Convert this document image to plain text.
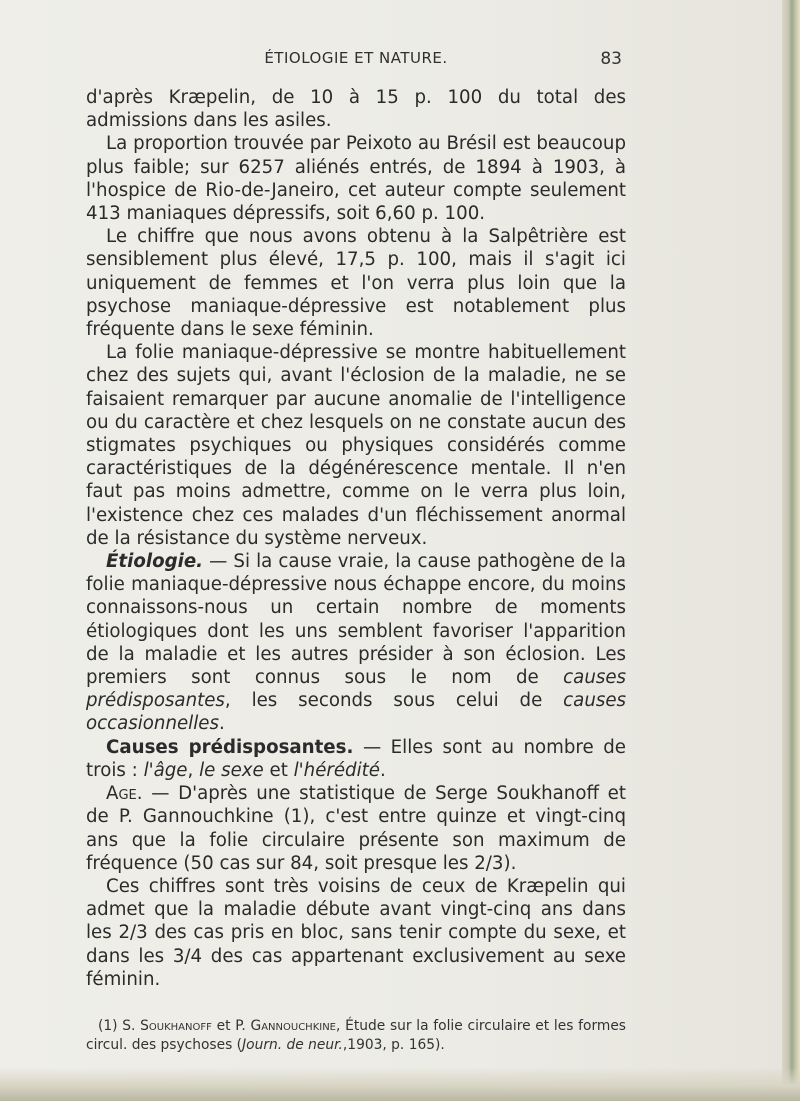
ÉTIOLOGIE ET NATURE.	83

d'après Kræpelin, de 10 à 15 p. 100 du total des admissions dans les asiles.

La proportion trouvée par Peixoto au Brésil est beaucoup plus faible; sur 6257 aliénés entrés, de 1894 à 1903, à l'hospice de Rio-de-Janeiro, cet auteur compte seulement 413 maniaques dépressifs, soit 6,60 p. 100.

Le chiffre que nous avons obtenu à la Salpêtrière est sensiblement plus élevé, 17,5 p. 100, mais il s'agit ici uniquement de femmes et l'on verra plus loin que la psychose maniaque-dépressive est notablement plus fréquente dans le sexe féminin.

La folie maniaque-dépressive se montre habituellement chez des sujets qui, avant l'éclosion de la maladie, ne se faisaient remarquer par aucune anomalie de l'intelligence ou du caractère et chez lesquels on ne constate aucun des stigmates psychiques ou physiques considérés comme caractéristiques de la dégénérescence mentale. Il n'en faut pas moins admettre, comme on le verra plus loin, l'existence chez ces malades d'un fléchissement anormal de la résistance du système nerveux.

Étiologie. — Si la cause vraie, la cause pathogène de la folie maniaque-dépressive nous échappe encore, du moins connaissons-nous un certain nombre de moments étiologiques dont les uns semblent favoriser l'apparition de la maladie et les autres présider à son éclosion. Les premiers sont connus sous le nom de causes prédisposantes, les seconds sous celui de causes occasionnelles.

Causes prédisposantes. — Elles sont au nombre de trois : l'âge, le sexe et l'hérédité.

Age. — D'après une statistique de Serge Soukhanoff et de P. Gannouchkine (1), c'est entre quinze et vingt-cinq ans que la folie circulaire présente son maximum de fréquence (50 cas sur 84, soit presque les 2/3).

Ces chiffres sont très voisins de ceux de Kræpelin qui admet que la maladie débute avant vingt-cinq ans dans les 2/3 des cas pris en bloc, sans tenir compte du sexe, et dans les 3/4 des cas appartenant exclusivement au sexe féminin.

(1) S. Soukhanoff et P. Gannouchkine, Étude sur la folie circulaire et les formes circul. des psychoses (Journ. de neur.,1903, p. 165).
